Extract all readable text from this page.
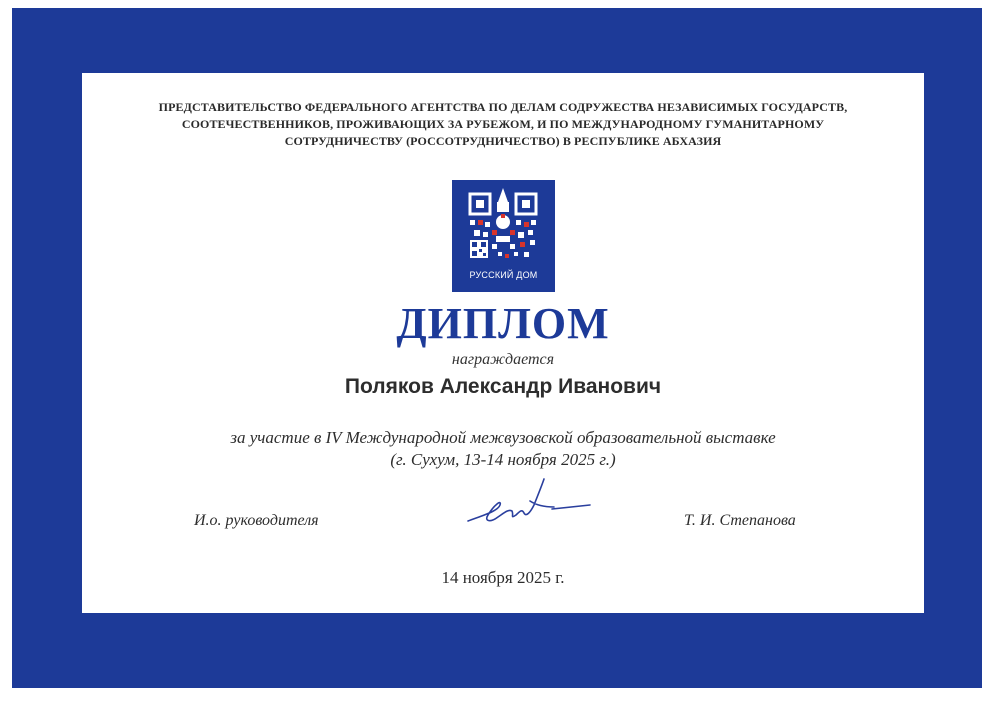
ПРЕДСТАВИТЕЛЬСТВО ФЕДЕРАЛЬНОГО АГЕНТСТВА ПО ДЕЛАМ СОДРУЖЕСТВА НЕЗАВИСИМЫХ ГОСУДАРСТВ,
СООТЕЧЕСТВЕННИКОВ, ПРОЖИВАЮЩИХ ЗА РУБЕЖОМ, И ПО МЕЖДУНАРОДНОМУ ГУМАНИТАРНОМУ
СОТРУДНИЧЕСТВУ (РОССОТРУДНИЧЕСТВО) В РЕСПУБЛИКЕ АБХАЗИЯ
РУССКИЙ ДОМ
ДИПЛОМ
награждается
Поляков Александр Иванович
за участие в IV Международной межвузовской образовательной выставке
(г. Сухум, 13-14 ноября 2025 г.)
И.о. руководителя	Т. И. Степанова
14 ноября 2025 г.
